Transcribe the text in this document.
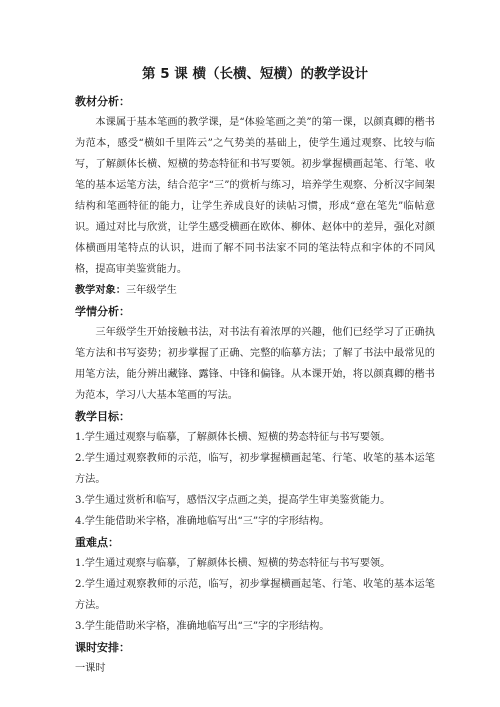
第 5 课 横（长横、短横）的教学设计

教材分析：

本课属于基本笔画的教学课，是“体验笔画之美”的第一课，以颜真卿的楷书为范本，感受“横如千里阵云”之气势美的基础上，使学生通过观察、比较与临写，了解颜体长横、短横的势态特征和书写要领。初步掌握横画起笔、行笔、收笔的基本运笔方法，结合范字“三”的赏析与练习，培养学生观察、分析汉字间架结构和笔画特征的能力，让学生养成良好的读帖习惯，形成“意在笔先”临帖意识。通过对比与欣赏，让学生感受横画在欧体、柳体、赵体中的差异，强化对颜体横画用笔特点的认识，进而了解不同书法家不同的笔法特点和字体的不同风格，提高审美鉴赏能力。

教学对象：三年级学生

学情分析：

三年级学生开始接触书法，对书法有着浓厚的兴趣，他们已经学习了正确执笔方法和书写姿势；初步掌握了正确、完整的临摹方法；了解了书法中最常见的用笔方法，能分辨出藏锋、露锋、中锋和偏锋。从本课开始，将以颜真卿的楷书为范本，学习八大基本笔画的写法。

教学目标：

1.学生通过观察与临摹，了解颜体长横、短横的势态特征与书写要领。

2.学生通过观察教师的示范，临写，初步掌握横画起笔、行笔、收笔的基本运笔方法。

3.学生通过赏析和临写，感悟汉字点画之美，提高学生审美鉴赏能力。

4.学生能借助米字格，准确地临写出“三”字的字形结构。

重难点：

1.学生通过观察与临摹，了解颜体长横、短横的势态特征与书写要领。

2.学生通过观察教师的示范，临写，初步掌握横画起笔、行笔、收笔的基本运笔方法。

3.学生能借助米字格，准确地临写出“三”字的字形结构。

课时安排：

一课时
